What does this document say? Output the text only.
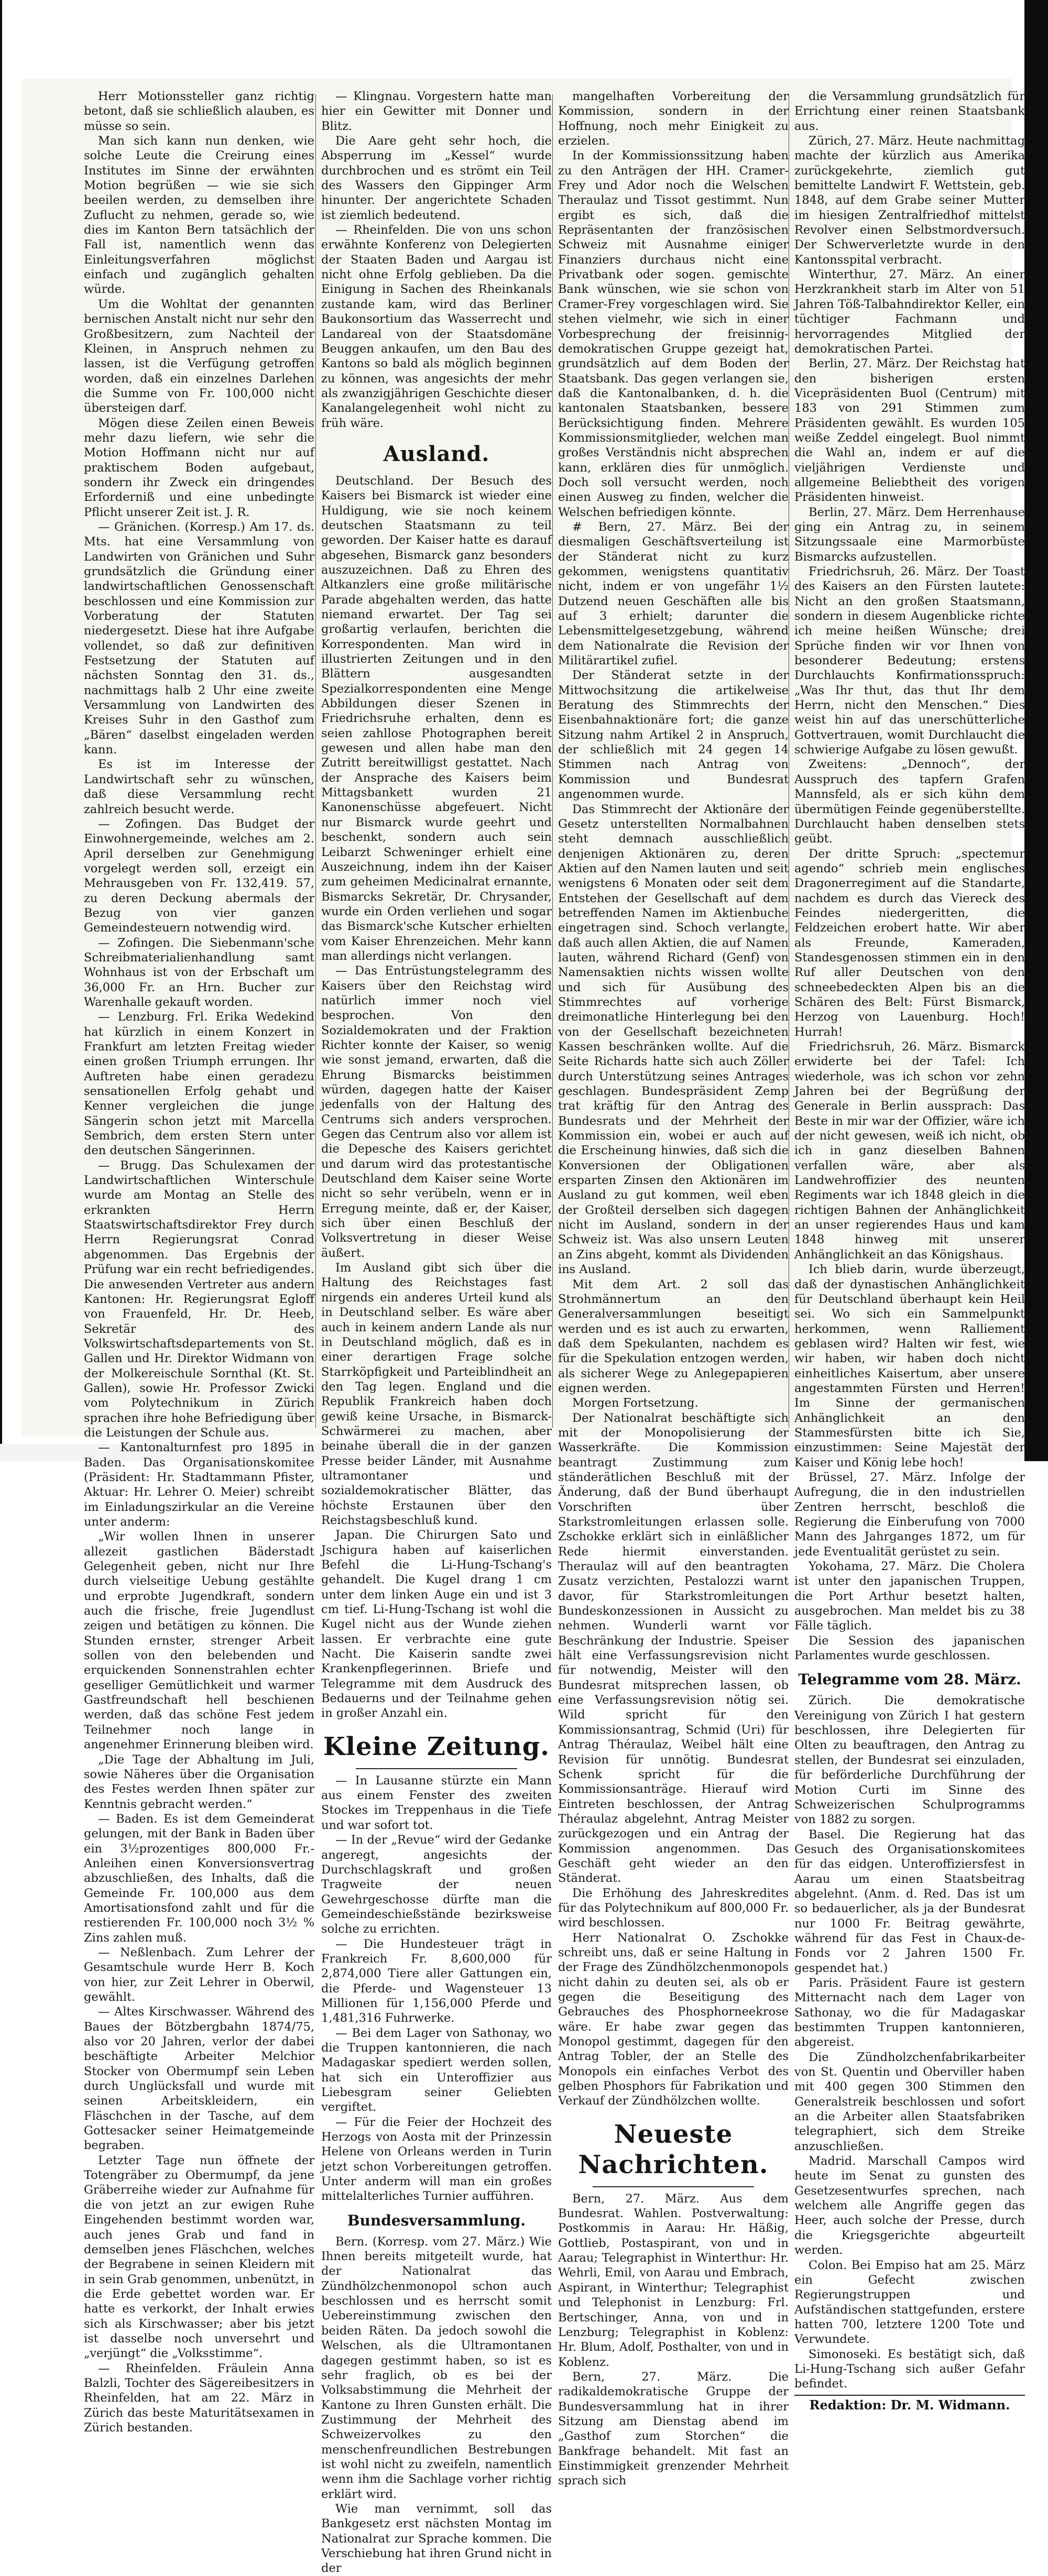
Herr Motionssteller ganz richtig betont, daß sie schließlich alauben, es müsse so sein.

Man sich kann nun denken, wie solche Leute die Creirung eines Institutes im Sinne der erwähnten Motion begrüßen — wie sie sich beeilen werden, zu demselben ihre Zuflucht zu nehmen, gerade so, wie dies im Kanton Bern tatsächlich der Fall ist, namentlich wenn das Einleitungsverfahren möglichst einfach und zugänglich gehalten würde.

Um die Wohltat der genannten bernischen Anstalt nicht nur sehr den Großbesitzern, zum Nachteil der Kleinen, in Anspruch nehmen zu lassen, ist die Verfügung getroffen worden, daß ein einzelnes Darlehen die Summe von Fr. 100,000 nicht übersteigen darf.

Mögen diese Zeilen einen Beweis mehr dazu liefern, wie sehr die Motion Hoffmann nicht nur auf praktischem Boden aufgebaut, sondern ihr Zweck ein dringendes Erforderniß und eine unbedingte Pflicht unserer Zeit ist. J. R.

— Gränichen. (Korresp.) Am 17. ds. Mts. hat eine Versammlung von Landwirten von Gränichen und Suhr grundsätzlich die Gründung einer landwirtschaftlichen Genossenschaft beschlossen und eine Kommission zur Vorberatung der Statuten niedergesetzt. Diese hat ihre Aufgabe vollendet, so daß zur definitiven Festsetzung der Statuten auf nächsten Sonntag den 31. ds., nachmittags halb 2 Uhr eine zweite Versammlung von Landwirten des Kreises Suhr in den Gasthof zum „Bären“ daselbst eingeladen werden kann.

Es ist im Interesse der Landwirtschaft sehr zu wünschen, daß diese Versammlung recht zahlreich besucht werde.

— Zofingen. Das Budget der Einwohnergemeinde, welches am 2. April derselben zur Genehmigung vorgelegt werden soll, erzeigt ein Mehrausgeben von Fr. 132,419. 57, zu deren Deckung abermals der Bezug von vier ganzen Gemeindesteuern notwendig wird.

— Zofingen. Die Siebenmann'sche Schreibmaterialienhandlung samt Wohnhaus ist von der Erbschaft um 36,000 Fr. an Hrn. Bucher zur Warenhalle gekauft worden.

— Lenzburg. Frl. Erika Wedekind hat kürzlich in einem Konzert in Frankfurt am letzten Freitag wieder einen großen Triumph errungen. Ihr Auftreten habe einen geradezu sensationellen Erfolg gehabt und Kenner vergleichen die junge Sängerin schon jetzt mit Marcella Sembrich, dem ersten Stern unter den deutschen Sängerinnen.

— Brugg. Das Schulexamen der Landwirtschaftlichen Winterschule wurde am Montag an Stelle des erkrankten Herrn Staatswirtschaftsdirektor Frey durch Herrn Regierungsrat Conrad abgenommen. Das Ergebnis der Prüfung war ein recht befriedigendes. Die anwesenden Vertreter aus andern Kantonen: Hr. Regierungsrat Egloff von Frauenfeld, Hr. Dr. Heeb, Sekretär des Volkswirtschaftsdepartements von St. Gallen und Hr. Direktor Widmann von der Molkereischule Sornthal (Kt. St. Gallen), sowie Hr. Professor Zwicki vom Polytechnikum in Zürich sprachen ihre hohe Befriedigung über die Leistungen der Schule aus.

— Kantonalturnfest pro 1895 in Baden. Das Organisationskomitee (Präsident: Hr. Stadtammann Pfister, Aktuar: Hr. Lehrer O. Meier) schreibt im Einladungszirkular an die Vereine unter anderm:

„Wir wollen Ihnen in unserer allezeit gastlichen Bäderstadt Gelegenheit geben, nicht nur Ihre durch vielseitige Uebung gestählte und erprobte Jugendkraft, sondern auch die frische, freie Jugendlust zeigen und betätigen zu können. Die Stunden ernster, strenger Arbeit sollen von den belebenden und erquickenden Sonnenstrahlen echter geselliger Gemütlichkeit und warmer Gastfreundschaft hell beschienen werden, daß das schöne Fest jedem Teilnehmer noch lange in angenehmer Erinnerung bleiben wird.

„Die Tage der Abhaltung im Juli, sowie Näheres über die Organisation des Festes werden Ihnen später zur Kenntnis gebracht werden.“

— Baden. Es ist dem Gemeinderat gelungen, mit der Bank in Baden über ein 3½prozentiges 800,000 Fr.-Anleihen einen Konversionsvertrag abzuschließen, des Inhalts, daß die Gemeinde Fr. 100,000 aus dem Amortisationsfond zahlt und für die restierenden Fr. 100,000 noch 3½ % Zins zahlen muß.

— Neßlenbach. Zum Lehrer der Gesamtschule wurde Herr B. Koch von hier, zur Zeit Lehrer in Oberwil, gewählt.

— Altes Kirschwasser. Während des Baues der Bötzbergbahn 1874/75, also vor 20 Jahren, verlor der dabei beschäftigte Arbeiter Melchior Stocker von Obermumpf sein Leben durch Unglücksfall und wurde mit seinen Arbeitskleidern, ein Fläschchen in der Tasche, auf dem Gottesacker seiner Heimatgemeinde begraben.

Letzter Tage nun öffnete der Totengräber zu Obermumpf, da jene Gräberreihe wieder zur Aufnahme für die von jetzt an zur ewigen Ruhe Eingehenden bestimmt worden war, auch jenes Grab und fand in demselben jenes Fläschchen, welches der Begrabene in seinen Kleidern mit in sein Grab genommen, unbenützt, in die Erde gebettet worden war. Er hatte es verkorkt, der Inhalt erwies sich als Kirschwasser; aber bis jetzt ist dasselbe noch unversehrt und „verjüngt“ die „Volksstimme“.

— Rheinfelden. Fräulein Anna Balzli, Tochter des Sägereibesitzers in Rheinfelden, hat am 22. März in Zürich das beste Maturitätsexamen in Zürich bestanden.

— Klingnau. Vorgestern hatte man hier ein Gewitter mit Donner und Blitz.

Die Aare geht sehr hoch, die Absperrung im „Kessel“ wurde durchbrochen und es strömt ein Teil des Wassers den Gippinger Arm hinunter. Der angerichtete Schaden ist ziemlich bedeutend.

— Rheinfelden. Die von uns schon erwähnte Konferenz von Delegierten der Staaten Baden und Aargau ist nicht ohne Erfolg geblieben. Da die Einigung in Sachen des Rheinkanals zustande kam, wird das Berliner Baukonsortium das Wasserrecht und Landareal von der Staatsdomäne Beuggen ankaufen, um den Bau des Kantons so bald als möglich beginnen zu können, was angesichts der mehr als zwanzigjährigen Geschichte dieser Kanalangelegenheit wohl nicht zu früh wäre.

Ausland.

Deutschland. Der Besuch des Kaisers bei Bismarck ist wieder eine Huldigung, wie sie noch keinem deutschen Staatsmann zu teil geworden. Der Kaiser hatte es darauf abgesehen, Bismarck ganz besonders auszuzeichnen. Daß zu Ehren des Altkanzlers eine große militärische Parade abgehalten werden, das hatte niemand erwartet. Der Tag sei großartig verlaufen, berichten die Korrespondenten. Man wird in illustrierten Zeitungen und in den Blättern ausgesandten Spezialkorrespondenten eine Menge Abbildungen dieser Szenen in Friedrichsruhe erhalten, denn es seien zahllose Photographen bereit gewesen und allen habe man den Zutritt bereitwilligst gestattet. Nach der Ansprache des Kaisers beim Mittagsbankett wurden 21 Kanonenschüsse abgefeuert. Nicht nur Bismarck wurde geehrt und beschenkt, sondern auch sein Leibarzt Schweninger erhielt eine Auszeichnung, indem ihn der Kaiser zum geheimen Medicinalrat ernannte, Bismarcks Sekretär, Dr. Chrysander, wurde ein Orden verliehen und sogar das Bismarck'sche Kutscher erhielten vom Kaiser Ehrenzeichen. Mehr kann man allerdings nicht verlangen.

— Das Entrüstungstelegramm des Kaisers über den Reichstag wird natürlich immer noch viel besprochen. Von den Sozialdemokraten und der Fraktion Richter konnte der Kaiser, so wenig wie sonst jemand, erwarten, daß die Ehrung Bismarcks beistimmen würden, dagegen hatte der Kaiser jedenfalls von der Haltung des Centrums sich anders versprochen. Gegen das Centrum also vor allem ist die Depesche des Kaisers gerichtet und darum wird das protestantische Deutschland dem Kaiser seine Worte nicht so sehr verübeln, wenn er in Erregung meinte, daß er, der Kaiser, sich über einen Beschluß der Volksvertretung in dieser Weise äußert.

Im Ausland gibt sich über die Haltung des Reichstages fast nirgends ein anderes Urteil kund als in Deutschland selber. Es wäre aber auch in keinem andern Lande als nur in Deutschland möglich, daß es in einer derartigen Frage solche Starrköpfigkeit und Parteiblindheit an den Tag legen. England und die Republik Frankreich haben doch gewiß keine Ursache, in Bismarck-Schwärmerei zu machen, aber beinahe überall die in der ganzen Presse beider Länder, mit Ausnahme ultramontaner und sozialdemokratischer Blätter, das höchste Erstaunen über den Reichstagsbeschluß kund.

Japan. Die Chirurgen Sato und Jschigura haben auf kaiserlichen Befehl die Li-Hung-Tschang's gehandelt. Die Kugel drang 1 cm unter dem linken Auge ein und ist 3 cm tief. Li-Hung-Tschang ist wohl die Kugel nicht aus der Wunde ziehen lassen. Er verbrachte eine gute Nacht. Die Kaiserin sandte zwei Krankenpflegerinnen. Briefe und Telegramme mit dem Ausdruck des Bedauerns und der Teilnahme gehen in großer Anzahl ein.

Kleine Zeitung.

— In Lausanne stürzte ein Mann aus einem Fenster des zweiten Stockes im Treppenhaus in die Tiefe und war sofort tot.

— In der „Revue“ wird der Gedanke angeregt, angesichts der Durchschlagskraft und großen Tragweite der neuen Gewehrgeschosse dürfte man die Gemeindeschießstände bezirksweise solche zu errichten.

— Die Hundesteuer trägt in Frankreich Fr. 8,600,000 für 2,874,000 Tiere aller Gattungen ein, die Pferde- und Wagensteuer 13 Millionen für 1,156,000 Pferde und 1,481,316 Fuhrwerke.

— Bei dem Lager von Sathonay, wo die Truppen kantonnieren, die nach Madagaskar spediert werden sollen, hat sich ein Unteroffizier aus Liebesgram seiner Geliebten vergiftet.

— Für die Feier der Hochzeit des Herzogs von Aosta mit der Prinzessin Helene von Orleans werden in Turin jetzt schon Vorbereitungen getroffen. Unter anderm will man ein großes mittelalterliches Turnier aufführen.

Bundesversammlung.

Bern. (Korresp. vom 27. März.) Wie Ihnen bereits mitgeteilt wurde, hat der Nationalrat das Zündhölzchenmonopol schon auch beschlossen und es herrscht somit Uebereinstimmung zwischen den beiden Räten. Da jedoch sowohl die Welschen, als die Ultramontanen dagegen gestimmt haben, so ist es sehr fraglich, ob es bei der Volksabstimmung die Mehrheit der Kantone zu Ihren Gunsten erhält. Die Zustimmung der Mehrheit des Schweizervolkes zu den menschenfreundlichen Bestrebungen ist wohl nicht zu zweifeln, namentlich wenn ihm die Sachlage vorher richtig erklärt wird.

Wie man vernimmt, soll das Bankgesetz erst nächsten Montag im Nationalrat zur Sprache kommen. Die Verschiebung hat ihren Grund nicht in der

mangelhaften Vorbereitung der Kommission, sondern in der Hoffnung, noch mehr Einigkeit zu erzielen.

In der Kommissionssitzung haben zu den Anträgen der HH. Cramer-Frey und Ador noch die Welschen Theraulaz und Tissot gestimmt. Nun ergibt es sich, daß die Repräsentanten der französischen Schweiz mit Ausnahme einiger Finanziers durchaus nicht eine Privatbank oder sogen. gemischte Bank wünschen, wie sie schon von Cramer-Frey vorgeschlagen wird. Sie stehen vielmehr, wie sich in einer Vorbesprechung der freisinnig-demokratischen Gruppe gezeigt hat, grundsätzlich auf dem Boden der Staatsbank. Das gegen verlangen sie, daß die Kantonalbanken, d. h. die kantonalen Staatsbanken, bessere Berücksichtigung finden. Mehrere Kommissionsmitglieder, welchen man großes Verständnis nicht absprechen kann, erklären dies für unmöglich. Doch soll versucht werden, noch einen Ausweg zu finden, welcher die Welschen befriedigen könnte.

# Bern, 27. März. Bei der diesmaligen Geschäftsverteilung ist der Ständerat nicht zu kurz gekommen, wenigstens quantitativ nicht, indem er von ungefähr 1½ Dutzend neuen Geschäften alle bis auf 3 erhielt; darunter die Lebensmittelgesetzgebung, während dem Nationalrate die Revision der Militärartikel zufiel.

Der Ständerat setzte in der Mittwochsitzung die artikelweise Beratung des Stimmrechts der Eisenbahnaktionäre fort; die ganze Sitzung nahm Artikel 2 in Anspruch, der schließlich mit 24 gegen 14 Stimmen nach Antrag von Kommission und Bundesrat angenommen wurde.

Das Stimmrecht der Aktionäre der Gesetz unterstellten Normalbahnen steht demnach ausschließlich denjenigen Aktionären zu, deren Aktien auf den Namen lauten und seit wenigstens 6 Monaten oder seit dem Entstehen der Gesellschaft auf dem betreffenden Namen im Aktienbuche eingetragen sind. Schoch verlangte, daß auch allen Aktien, die auf Namen lauten, während Richard (Genf) von Namensaktien nichts wissen wollte und sich für Ausübung des Stimmrechtes auf vorherige dreimonatliche Hinterlegung bei den von der Gesellschaft bezeichneten Kassen beschränken wollte. Auf die Seite Richards hatte sich auch Zöller durch Unterstützung seines Antrages geschlagen. Bundespräsident Zemp trat kräftig für den Antrag des Bundesrats und der Mehrheit der Kommission ein, wobei er auch auf die Erscheinung hinwies, daß sich die Konversionen der Obligationen ersparten Zinsen den Aktionären im Ausland zu gut kommen, weil eben der Großteil derselben sich dagegen nicht im Ausland, sondern in der Schweiz ist. Was also unsern Leuten an Zins abgeht, kommt als Dividenden ins Ausland.

Mit dem Art. 2 soll das Strohmännertum an den Generalversammlungen beseitigt werden und es ist auch zu erwarten, daß dem Spekulanten, nachdem es für die Spekulation entzogen werden, als sicherer Wege zu Anlegepapieren eignen werden.

Morgen Fortsetzung.

Der Nationalrat beschäftigte sich mit der Monopolisierung der Wasserkräfte. Die Kommission beantragt Zustimmung zum ständerätlichen Beschluß mit der Änderung, daß der Bund überhaupt Vorschriften über Starkstromleitungen erlassen solle. Zschokke erklärt sich in einläßlicher Rede hiermit einverstanden. Theraulaz will auf den beantragten Zusatz verzichten, Pestalozzi warnt davor, für Starkstromleitungen Bundeskonzessionen in Aussicht zu nehmen. Wunderli warnt vor Beschränkung der Industrie. Speiser hält eine Verfassungsrevision nicht für notwendig, Meister will den Bundesrat mitsprechen lassen, ob eine Verfassungsrevision nötig sei. Wild spricht für den Kommissionsantrag, Schmid (Uri) für Antrag Théraulaz, Weibel hält eine Revision für unnötig. Bundesrat Schenk spricht für die Kommissionsanträge. Hierauf wird Eintreten beschlossen, der Antrag Théraulaz abgelehnt, Antrag Meister zurückgezogen und ein Antrag der Kommission angenommen. Das Geschäft geht wieder an den Ständerat.

Die Erhöhung des Jahreskredites für das Polytechnikum auf 800,000 Fr. wird beschlossen.

Herr Nationalrat O. Zschokke schreibt uns, daß er seine Haltung in der Frage des Zündhölzchenmonopols nicht dahin zu deuten sei, als ob er gegen die Beseitigung des Gebrauches des Phosphorneekrose wäre. Er habe zwar gegen das Monopol gestimmt, dagegen für den Antrag Tobler, der an Stelle des Monopols ein einfaches Verbot des gelben Phosphors für Fabrikation und Verkauf der Zündhölzchen wollte.

Neueste Nachrichten.

Bern, 27. März. Aus dem Bundesrat. Wahlen. Postverwaltung: Postkommis in Aarau: Hr. Häßig, Gottlieb, Postaspirant, von und in Aarau; Telegraphist in Winterthur: Hr. Wehrli, Emil, von Aarau und Embrach, Aspirant, in Winterthur; Telegraphist und Telephonist in Lenzburg: Frl. Bertschinger, Anna, von und in Lenzburg; Telegraphist in Koblenz: Hr. Blum, Adolf, Posthalter, von und in Koblenz.

Bern, 27. März. Die radikaldemokratische Gruppe der Bundesversammlung hat in ihrer Sitzung am Dienstag abend im „Gasthof zum Storchen“ die Bankfrage behandelt. Mit fast an Einstimmigkeit grenzender Mehrheit sprach sich

die Versammlung grundsätzlich für Errichtung einer reinen Staatsbank aus.

Zürich, 27. März. Heute nachmittag machte der kürzlich aus Amerika zurückgekehrte, ziemlich gut bemittelte Landwirt F. Wettstein, geb. 1848, auf dem Grabe seiner Mutter im hiesigen Zentralfriedhof mittelst Revolver einen Selbstmordversuch. Der Schwerverletzte wurde in den Kantonsspital verbracht.

Winterthur, 27. März. An einer Herzkrankheit starb im Alter von 51 Jahren Töß-Talbahndirektor Keller, ein tüchtiger Fachmann und hervorragendes Mitglied der demokratischen Partei.

Berlin, 27. März. Der Reichstag hat den bisherigen ersten Vicepräsidenten Buol (Centrum) mit 183 von 291 Stimmen zum Präsidenten gewählt. Es wurden 105 weiße Zeddel eingelegt. Buol nimmt die Wahl an, indem er auf die vieljährigen Verdienste und allgemeine Beliebtheit des vorigen Präsidenten hinweist.

Berlin, 27. März. Dem Herrenhause ging ein Antrag zu, in seinem Sitzungssaale eine Marmorbüste Bismarcks aufzustellen.

Friedrichsruh, 26. März. Der Toast des Kaisers an den Fürsten lautete: Nicht an den großen Staatsmann, sondern in diesem Augenblicke richte ich meine heißen Wünsche; drei Sprüche finden wir vor Ihnen von besonderer Bedeutung; erstens Durchlauchts Konfirmationsspruch: „Was Ihr thut, das thut Ihr dem Herrn, nicht den Menschen.“ Dies weist hin auf das unerschütterliche Gottvertrauen, womit Durchlaucht die schwierige Aufgabe zu lösen gewußt.

Zweitens: „Dennoch“, der Ausspruch des tapfern Grafen Mannsfeld, als er sich kühn dem übermütigen Feinde gegenüberstellte. Durchlaucht haben denselben stets geübt.

Der dritte Spruch: „spectemur agendo“ schrieb mein englisches Dragonerregiment auf die Standarte, nachdem es durch das Viereck des Feindes niedergeritten, die Feldzeichen erobert hatte. Wir aber als Freunde, Kameraden, Standesgenossen stimmen ein in den Ruf aller Deutschen von den schneebedeckten Alpen bis an die Schären des Belt: Fürst Bismarck, Herzog von Lauenburg. Hoch! Hurrah!

Friedrichsruh, 26. März. Bismarck erwiderte bei der Tafel: Ich wiederhole, was ich schon vor zehn Jahren bei der Begrüßung der Generale in Berlin aussprach: Das Beste in mir war der Offizier, wäre ich der nicht gewesen, weiß ich nicht, ob ich in ganz dieselben Bahnen verfallen wäre, aber als Landwehroffizier des neunten Regiments war ich 1848 gleich in die richtigen Bahnen der Anhänglichkeit an unser regierendes Haus und kam 1848 hinweg mit unserer Anhänglichkeit an das Königshaus.

Ich blieb darin, wurde überzeugt, daß der dynastischen Anhänglichkeit für Deutschland überhaupt kein Heil sei. Wo sich ein Sammelpunkt herkommen, wenn Ralliement geblasen wird? Halten wir fest, wie wir haben, wir haben doch nicht einheitliches Kaisertum, aber unsere angestammten Fürsten und Herren! Im Sinne der germanischen Anhänglichkeit an den Stammesfürsten bitte ich Sie, einzustimmen: Seine Majestät der Kaiser und König lebe hoch!

Brüssel, 27. März. Infolge der Aufregung, die in den industriellen Zentren herrscht, beschloß die Regierung die Einberufung von 7000 Mann des Jahrganges 1872, um für jede Eventualität gerüstet zu sein.

Yokohama, 27. März. Die Cholera ist unter den japanischen Truppen, die Port Arthur besetzt halten, ausgebrochen. Man meldet bis zu 38 Fälle täglich.

Die Session des japanischen Parlamentes wurde geschlossen.

Telegramme vom 28. März.

Zürich. Die demokratische Vereinigung von Zürich I hat gestern beschlossen, ihre Delegierten für Olten zu beauftragen, den Antrag zu stellen, der Bundesrat sei einzuladen, für beförderliche Durchführung der Motion Curti im Sinne des Schweizerischen Schulprogramms von 1882 zu sorgen.

Basel. Die Regierung hat das Gesuch des Organisationskomitees für das eidgen. Unteroffiziersfest in Aarau um einen Staatsbeitrag abgelehnt. (Anm. d. Red. Das ist um so bedauerlicher, als ja der Bundesrat nur 1000 Fr. Beitrag gewährte, während für das Fest in Chaux-de-Fonds vor 2 Jahren 1500 Fr. gespendet hat.)

Paris. Präsident Faure ist gestern Mitternacht nach dem Lager von Sathonay, wo die für Madagaskar bestimmten Truppen kantonnieren, abgereist.

Die Zündholzchenfabrikarbeiter von St. Quentin und Oberviller haben mit 400 gegen 300 Stimmen den Generalstreik beschlossen und sofort an die Arbeiter allen Staatsfabriken telegraphiert, sich dem Streike anzuschließen.

Madrid. Marschall Campos wird heute im Senat zu gunsten des Gesetzesentwurfes sprechen, nach welchem alle Angriffe gegen das Heer, auch solche der Presse, durch die Kriegsgerichte abgeurteilt werden.

Colon. Bei Empiso hat am 25. März ein Gefecht zwischen Regierungstruppen und Aufständischen stattgefunden, erstere hatten 700, letztere 1200 Tote und Verwundete.

Simonoseki. Es bestätigt sich, daß Li-Hung-Tschang sich außer Gefahr befindet.

Redaktion: Dr. M. Widmann.
